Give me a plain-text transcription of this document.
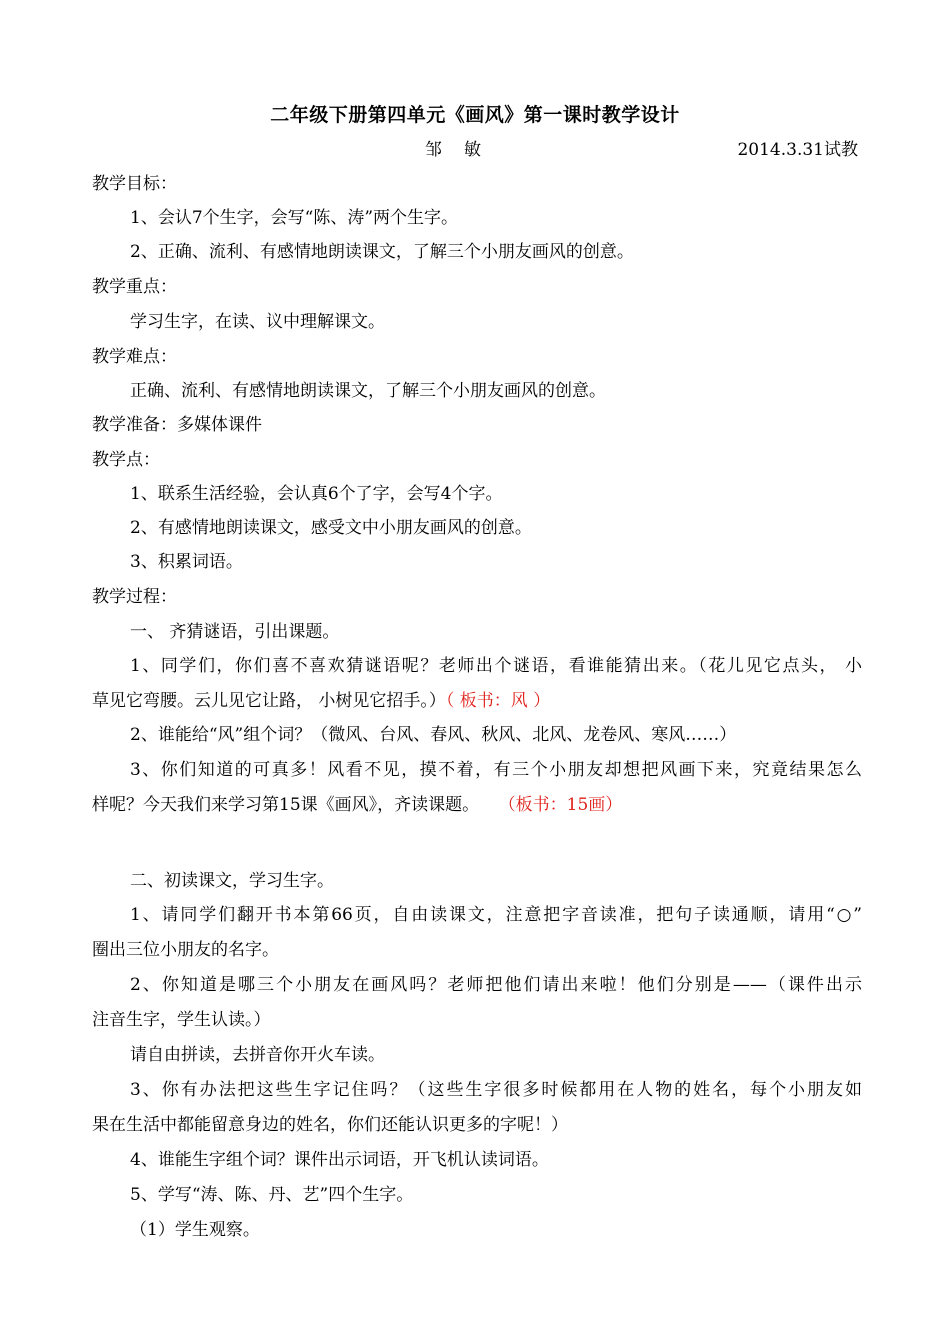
二年级下册第四单元《画风》第一课时教学设计
邹敏	2014.3.31试教
教学目标：
1、会认7个生字，会写“陈、涛”两个生字。
2、正确、流利、有感情地朗读课文，了解三个小朋友画风的创意。
教学重点：
学习生字，在读、议中理解课文。
教学难点：
正确、流利、有感情地朗读课文，了解三个小朋友画风的创意。
教学准备：多媒体课件
教学点：
1、联系生活经验，会认真6个了字，会写4个字。
2、有感情地朗读课文，感受文中小朋友画风的创意。
3、积累词语。
教学过程：
一、 齐猜谜语，引出课题。
1、同学们，你们喜不喜欢猜谜语呢？老师出个谜语，看谁能猜出来。（花儿见它点头， 小
草见它弯腰。云儿见它让路， 小树见它招手。）（ 板书：风 ）
2、谁能给“风”组个词？（微风、台风、春风、秋风、北风、龙卷风、寒风……）
3、你们知道的可真多！风看不见，摸不着，有三个小朋友却想把风画下来，究竟结果怎么
样呢？今天我们来学习第15课《画风》，齐读课题。 （板书：15画）
二、初读课文，学习生字。
1、请同学们翻开书本第66页，自由读课文，注意把字音读准，把句子读通顺，请用“○”
圈出三位小朋友的名字。
2、你知道是哪三个小朋友在画风吗？老师把他们请出来啦！他们分别是——（课件出示
注音生字，学生认读。）
请自由拼读，去拼音你开火车读。
3、你有办法把这些生字记住吗？（这些生字很多时候都用在人物的姓名，每个小朋友如
果在生活中都能留意身边的姓名，你们还能认识更多的字呢！）
4、谁能生字组个词？课件出示词语，开飞机认读词语。
5、学写“涛、陈、丹、艺”四个生字。
（1）学生观察。
